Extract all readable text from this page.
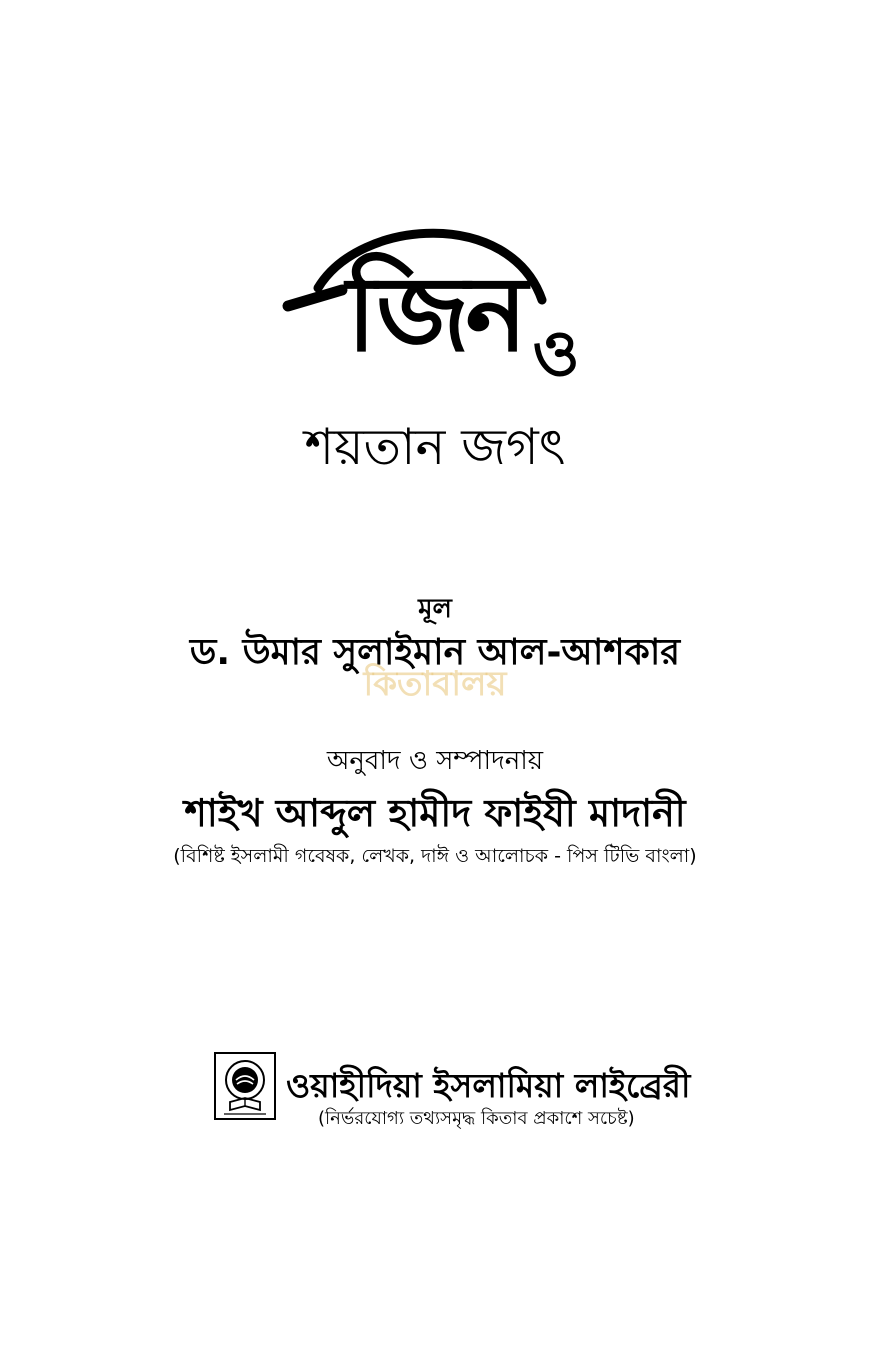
জিন ও
শয়তান জগৎ
মূল
ড. উমার সুলাইমান আল-আশকার
কিতাবালয়
অনুবাদ ও সম্পাদনায়
শাইখ আব্দুল হামীদ ফাইযী মাদানী
(বিশিষ্ট ইসলামী গবেষক, লেখক, দাঈ ও আলোচক - পিস টিভি বাংলা)
ওয়াহীদিয়া ইসলামিয়া লাইব্রেরী
(নির্ভরযোগ্য তথ্যসমৃদ্ধ কিতাব প্রকাশে সচেষ্ট)
